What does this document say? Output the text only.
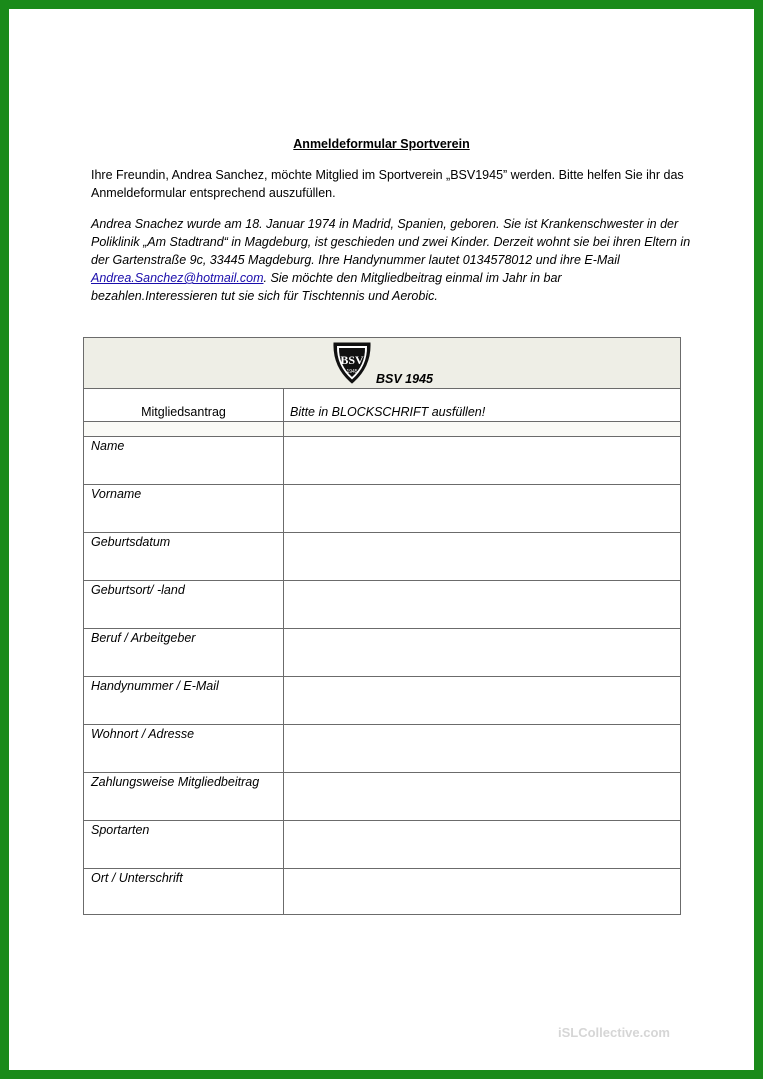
Anmeldeformular Sportverein
Ihre Freundin, Andrea Sanchez, möchte Mitglied im Sportverein „BSV1945” werden. Bitte helfen Sie ihr das Anmeldeformular entsprechend auszufüllen.
Andrea Snachez wurde am 18. Januar 1974 in Madrid, Spanien, geboren. Sie ist Krankenschwester in der Poliklinik „Am Stadtrand“ in Magdeburg, ist geschieden und zwei Kinder. Derzeit wohnt sie bei ihren Eltern in der Gartenstraße 9c, 33445 Magdeburg. Ihre Handynummer lautet 0134578012 und ihre E-Mail Andrea.Sanchez@hotmail.com. Sie möchte den Mitgliedbeitrag einmal im Jahr in bar bezahlen.Interessieren tut sie sich für Tischtennis und Aerobic.
BSV
1945 BSV 1945
Mitgliedsantrag	Bitte in BLOCKSCHRIFT ausfüllen!
Name
Vorname
Geburtsdatum
Geburtsort/ -land
Beruf / Arbeitgeber
Handynummer / E-Mail
Wohnort / Adresse
Zahlungsweise Mitgliedbeitrag
Sportarten
Ort / Unterschrift
iSLCollective.com
